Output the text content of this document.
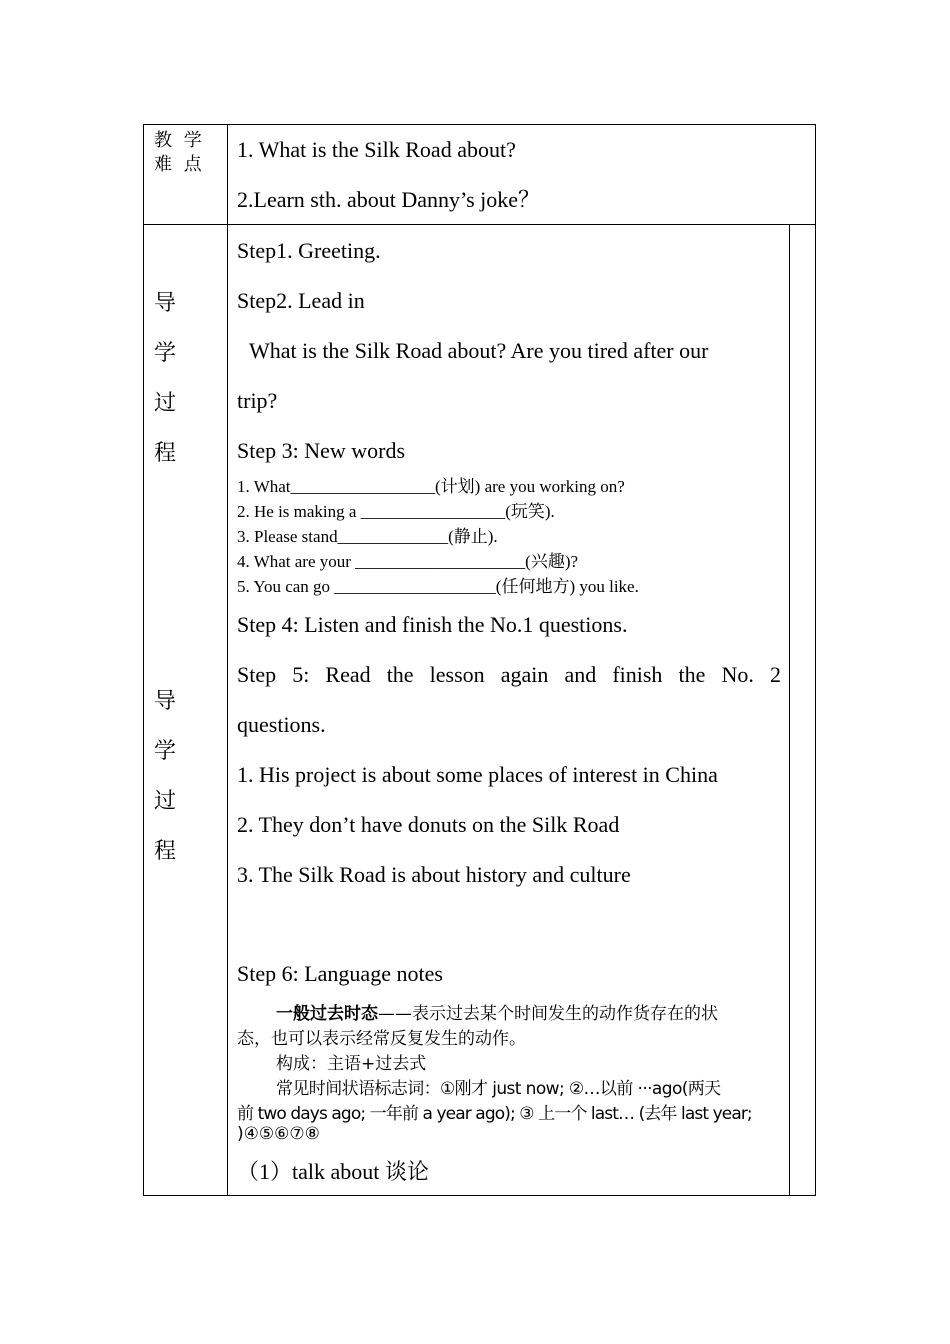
教 学
难 点
1. What is the Silk Road about?
2.Learn sth. about Danny’s joke？
导
学
过
程
导
学
过
程
Step1. Greeting.
Step2. Lead in
What is the Silk Road about? Are you tired after our
trip?
Step 3: New words
1. What_________________(计划) are you working on?
2. He is making a _________________(玩笑).
3. Please stand_____________(静止).
4. What are your ____________________(兴趣)?
5. You can go ___________________(任何地方) you like.
Step 4: Listen and finish the No.1 questions.
Step 5: Read the lesson again and finish the No. 2
questions.
1. His project is about some places of interest in China
2. They don’t have donuts on the Silk Road
3. The Silk Road is about history and culture
Step 6: Language notes
一般过去时态——表示过去某个时间发生的动作货存在的状
态，也可以表示经常反复发生的动作。
构成：主语+过去式
常见时间状语标志词：①刚才 just now; ②…以前 ···ago(两天
前 two days ago; 一年前 a year ago); ③ 上一个 last… (去年 last year;
)④⑤⑥⑦⑧
（1）talk about 谈论
